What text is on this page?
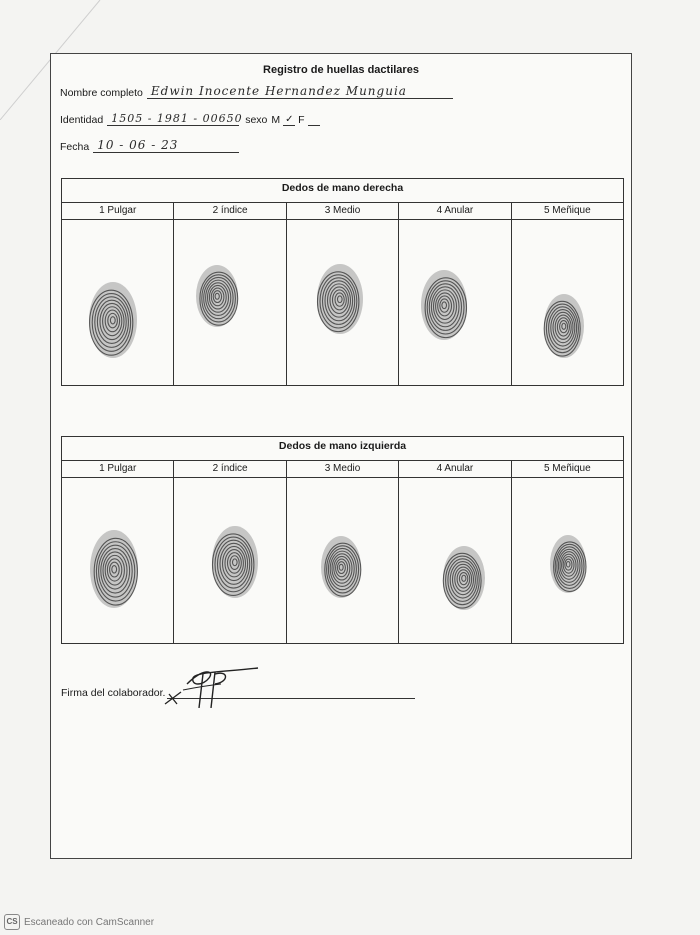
Registro de huellas dactilares
Nombre completo Edwin Inocente Hernandez Munguia
Identidad 1505 - 1981 - 00650 sexo M ✓ F
Fecha 10 - 06 - 23
Dedos de mano derecha
1 Pulgar	2 índice	3 Medio	4 Anular	5 Meñique
Dedos de mano izquierda
1 Pulgar	2 índice	3 Medio	4 Anular	5 Meñique
Firma del colaborador.
CS Escaneado con CamScanner
